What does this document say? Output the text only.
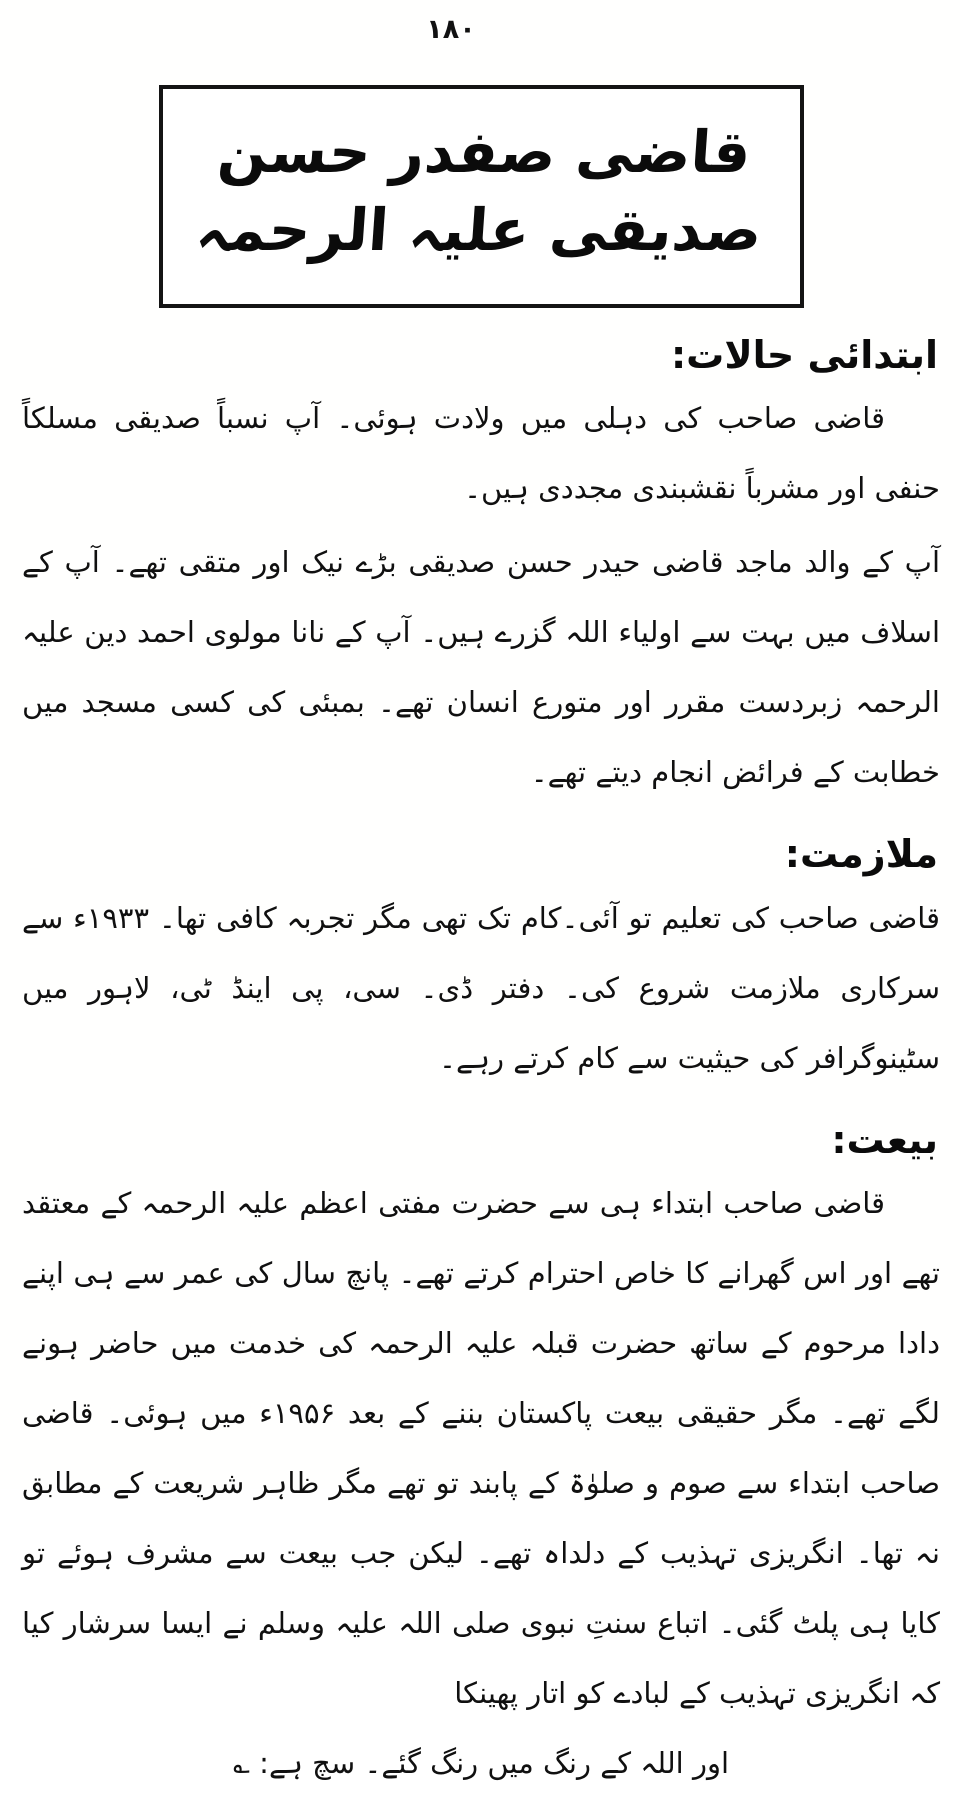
۱۸۰
قاضی صفدر حسن صدیقی علیہ الرحمہ
ابتدائی حالات:

قاضی صاحب کی دہلی میں ولادت ہوئی۔ آپ نسباً صدیقی مسلکاً حنفی اور مشرباً نقشبندی مجددی ہیں۔

آپ کے والد ماجد قاضی حیدر حسن صدیقی بڑے نیک اور متقی تھے۔ آپ کے اسلاف میں بہت سے اولیاء اللہ گزرے ہیں۔ آپ کے نانا مولوی احمد دین علیہ الرحمہ زبردست مقرر اور متورع انسان تھے۔ بمبئی کی کسی مسجد میں خطابت کے فرائض انجام دیتے تھے۔

ملازمت:

قاضی صاحب کی تعلیم تو آئی۔کام تک تھی مگر تجربہ کافی تھا۔ ۱۹۳۳ء سے سرکاری ملازمت شروع کی۔ دفتر ڈی۔ سی، پی اینڈ ٹی، لاہور میں سٹینوگرافر کی حیثیت سے کام کرتے رہے۔

بیعت:

قاضی صاحب ابتداء ہی سے حضرت مفتی اعظم علیہ الرحمہ کے معتقد تھے اور اس گھرانے کا خاص احترام کرتے تھے۔ پانچ سال کی عمر سے ہی اپنے دادا مرحوم کے ساتھ حضرت قبلہ علیہ الرحمہ کی خدمت میں حاضر ہونے لگے تھے۔ مگر حقیقی بیعت پاکستان بننے کے بعد ۱۹۵۶ء میں ہوئی۔ قاضی صاحب ابتداء سے صوم و صلوٰۃ کے پابند تو تھے مگر ظاہر شریعت کے مطابق نہ تھا۔ انگریزی تہذیب کے دلداہ تھے۔ لیکن جب بیعت سے مشرف ہوئے تو کایا ہی پلٹ گئی۔ اتباع سنتِ نبوی صلی اللہ علیہ وسلم نے ایسا سرشار کیا کہ انگریزی تہذیب کے لبادے کو اتار پھینکا

اور اللہ کے رنگ میں رنگ گئے۔ سچ ہے: ؎
